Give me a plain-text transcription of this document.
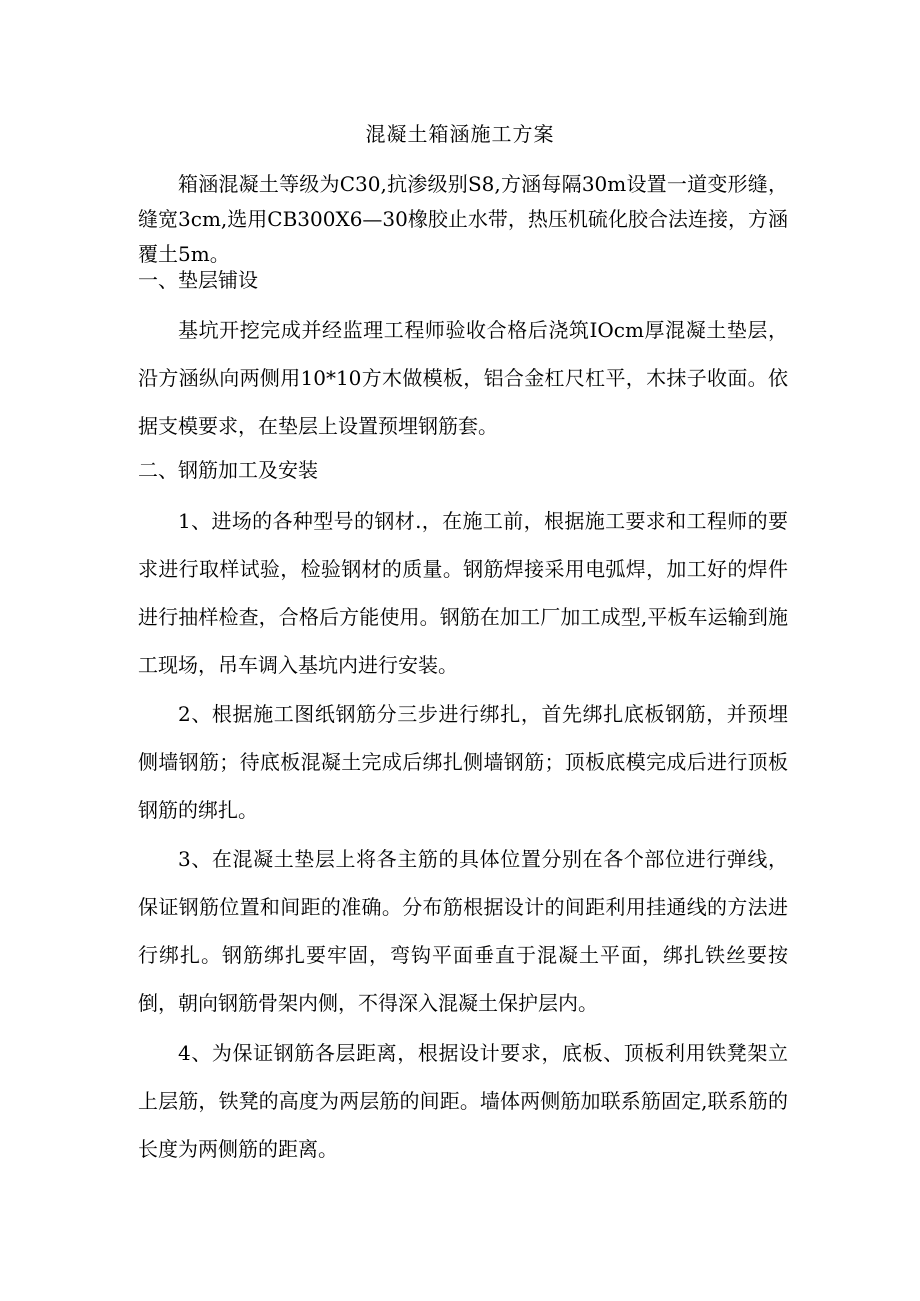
混凝土箱涵施工方案
箱涵混凝土等级为C30,抗渗级别S8,方涵每隔30m设置一道变形缝，缝宽3cm,选用CB300X6—30橡胶止水带，热压机硫化胶合法连接，方涵覆土5m。
一、垫层铺设
基坑开挖完成并经监理工程师验收合格后浇筑IOcm厚混凝土垫层，沿方涵纵向两侧用10*10方木做模板，铝合金杠尺杠平，木抹子收面。依据支模要求，在垫层上设置预埋钢筋套。
二、钢筋加工及安装
1、进场的各种型号的钢材.，在施工前，根据施工要求和工程师的要求进行取样试验，检验钢材的质量。钢筋焊接采用电弧焊，加工好的焊件进行抽样检查，合格后方能使用。钢筋在加工厂加工成型,平板车运输到施工现场，吊车调入基坑内进行安装。
2、根据施工图纸钢筋分三步进行绑扎，首先绑扎底板钢筋，并预埋侧墙钢筋；待底板混凝土完成后绑扎侧墙钢筋；顶板底模完成后进行顶板钢筋的绑扎。
3、在混凝土垫层上将各主筋的具体位置分别在各个部位进行弹线，保证钢筋位置和间距的准确。分布筋根据设计的间距利用挂通线的方法进行绑扎。钢筋绑扎要牢固，弯钩平面垂直于混凝土平面，绑扎铁丝要按倒，朝向钢筋骨架内侧，不得深入混凝土保护层内。
4、为保证钢筋各层距离，根据设计要求，底板、顶板利用铁凳架立上层筋，铁凳的高度为两层筋的间距。墙体两侧筋加联系筋固定,联系筋的长度为两侧筋的距离。
